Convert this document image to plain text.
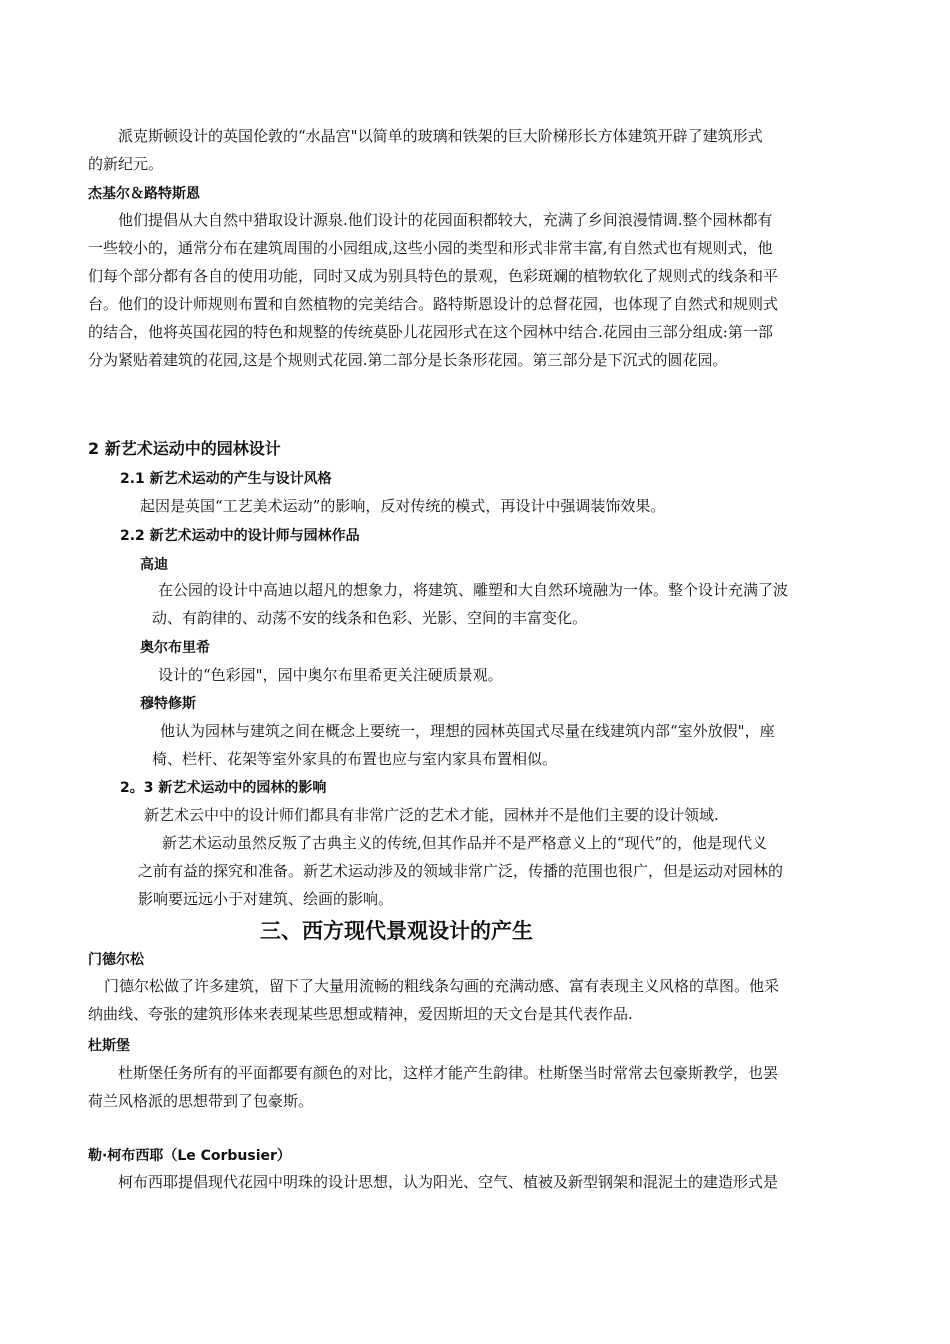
派克斯顿设计的英国伦敦的“水晶宫"以简单的玻璃和铁架的巨大阶梯形长方体建筑开辟了建筑形式
的新纪元。
杰基尔＆路特斯恩
他们提倡从大自然中猎取设计源泉.他们设计的花园面积都较大，充满了乡间浪漫情调.整个园林都有
一些较小的，通常分布在建筑周围的小园组成,这些小园的类型和形式非常丰富,有自然式也有规则式，他
们每个部分都有各自的使用功能，同时又成为别具特色的景观，色彩斑斓的植物软化了规则式的线条和平
台。他们的设计师规则布置和自然植物的完美结合。路特斯恩设计的总督花园，也体现了自然式和规则式
的结合，他将英国花园的特色和规整的传统莫卧儿花园形式在这个园林中结合.花园由三部分组成:第一部
分为紧贴着建筑的花园,这是个规则式花园.第二部分是长条形花园。第三部分是下沉式的圆花园。
2 新艺术运动中的园林设计
2.1 新艺术运动的产生与设计风格
起因是英国“工艺美术运动”的影响，反对传统的模式，再设计中强调装饰效果。
2.2 新艺术运动中的设计师与园林作品
高迪
在公园的设计中高迪以超凡的想象力，将建筑、雕塑和大自然环境融为一体。整个设计充满了波
动、有韵律的、动荡不安的线条和色彩、光影、空间的丰富变化。
奥尔布里希
设计的“色彩园"，园中奥尔布里希更关注硬质景观。
穆特修斯
他认为园林与建筑之间在概念上要统一，理想的园林英国式尽量在线建筑内部“室外放假"，座
椅、栏杆、花架等室外家具的布置也应与室内家具布置相似。
2。3 新艺术运动中的园林的影响
新艺术云中中的设计师们都具有非常广泛的艺术才能，园林并不是他们主要的设计领域.
新艺术运动虽然反叛了古典主义的传统,但其作品并不是严格意义上的“现代”的，他是现代义
之前有益的探究和准备。新艺术运动涉及的领域非常广泛，传播的范围也很广，但是运动对园林的
影响要远远小于对建筑、绘画的影响。
三、西方现代景观设计的产生
门德尔松
门德尔松做了许多建筑，留下了大量用流畅的粗线条勾画的充满动感、富有表现主义风格的草图。他采
纳曲线、夸张的建筑形体来表现某些思想或精神，爱因斯坦的天文台是其代表作品.
杜斯堡
杜斯堡任务所有的平面都要有颜色的对比，这样才能产生韵律。杜斯堡当时常常去包豪斯教学，也罢
荷兰风格派的思想带到了包豪斯。
勒·柯布西耶（Le Corbusier）
柯布西耶提倡现代花园中明珠的设计思想，认为阳光、空气、植被及新型钢架和混泥土的建造形式是
